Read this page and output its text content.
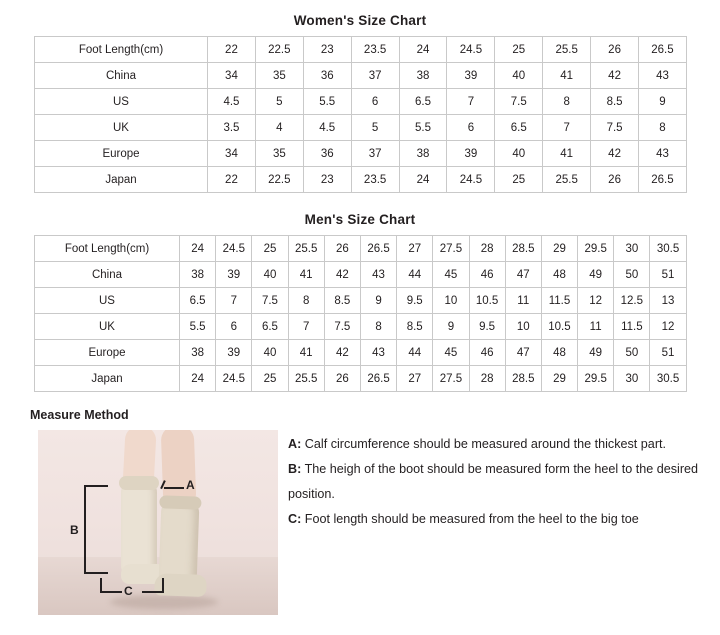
Women's Size Chart
Foot Length(cm)	22	22.5	23	23.5	24	24.5	25	25.5	26	26.5
China	34	35	36	37	38	39	40	41	42	43
US	4.5	5	5.5	6	6.5	7	7.5	8	8.5	9
UK	3.5	4	4.5	5	5.5	6	6.5	7	7.5	8
Europe	34	35	36	37	38	39	40	41	42	43
Japan	22	22.5	23	23.5	24	24.5	25	25.5	26	26.5
Men's Size Chart
Foot Length(cm)	24	24.5	25	25.5	26	26.5	27	27.5	28	28.5	29	29.5	30	30.5
China	38	39	40	41	42	43	44	45	46	47	48	49	50	51
US	6.5	7	7.5	8	8.5	9	9.5	10	10.5	11	11.5	12	12.5	13
UK	5.5	6	6.5	7	7.5	8	8.5	9	9.5	10	10.5	11	11.5	12
Europe	38	39	40	41	42	43	44	45	46	47	48	49	50	51
Japan	24	24.5	25	25.5	26	26.5	27	27.5	28	28.5	29	29.5	30	30.5
Measure Method
A
B
C

A: Calf circumference should be measured around the thickest part.

B: The heigh of the boot should be measured form the heel to the desired position.

C: Foot length should be measured from the heel to the big toe
